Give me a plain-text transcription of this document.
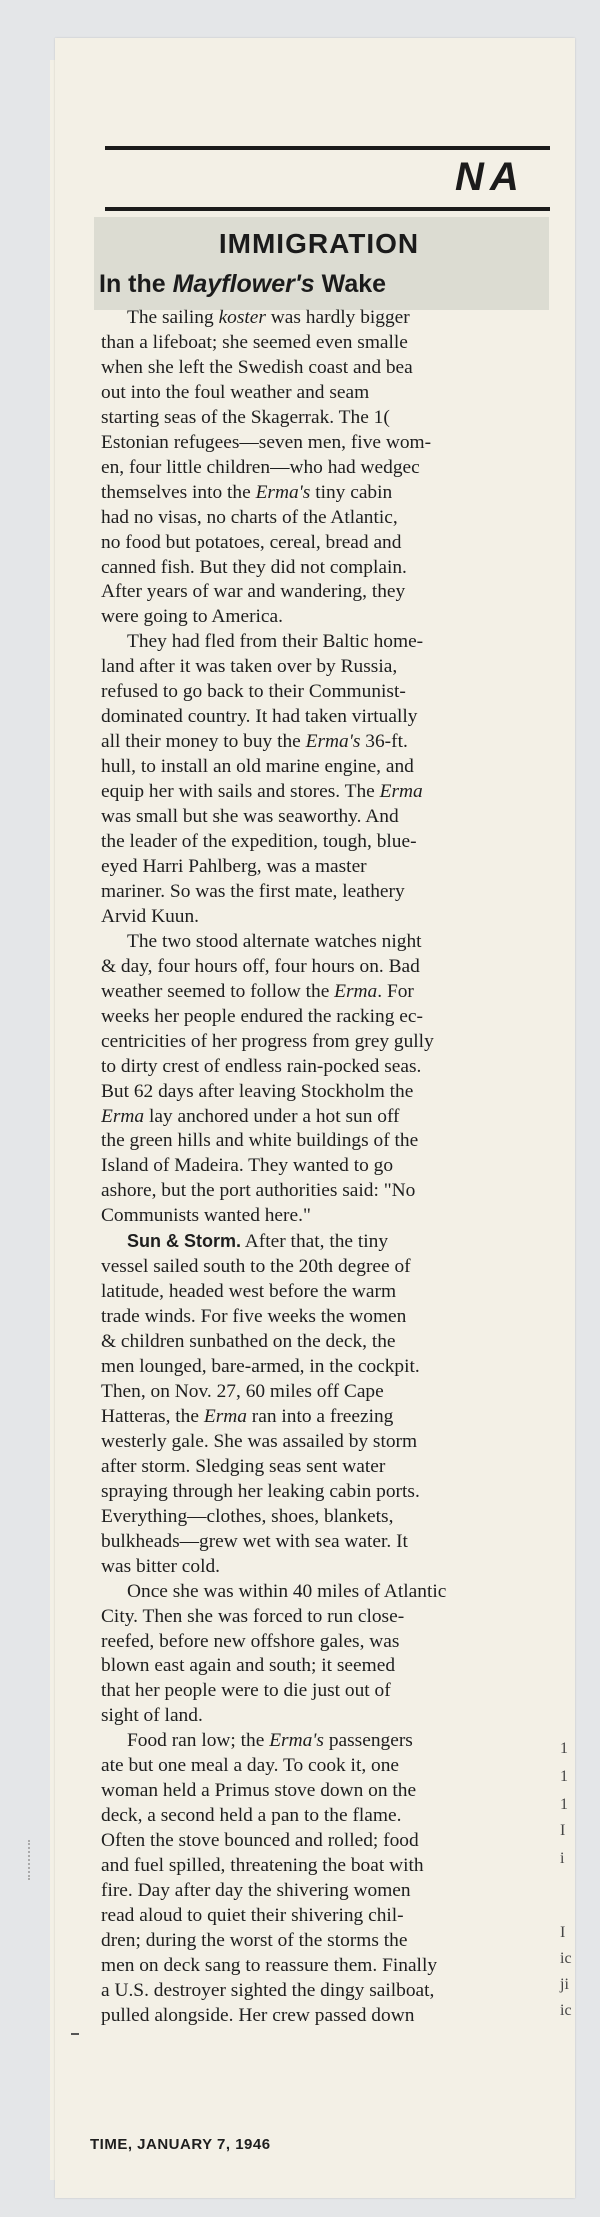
NA
IMMIGRATION
In the Mayflower's Wake

The sailing koster was hardly bigger
than a lifeboat; she seemed even smalle
when she left the Swedish coast and bea
out into the foul weather and seam
starting seas of the Skagerrak. The 1(
Estonian refugees—seven men, five wom-
en, four little children—who had wedgec
themselves into the Erma's tiny cabin
had no visas, no charts of the Atlantic,
no food but potatoes, cereal, bread and
canned fish. But they did not complain.
After years of war and wandering, they
were going to America.

They had fled from their Baltic home-
land after it was taken over by Russia,
refused to go back to their Communist-
dominated country. It had taken virtually
all their money to buy the Erma's 36-ft.
hull, to install an old marine engine, and
equip her with sails and stores. The Erma
was small but she was seaworthy. And
the leader of the expedition, tough, blue-
eyed Harri Pahlberg, was a master
mariner. So was the first mate, leathery
Arvid Kuun.

The two stood alternate watches night
& day, four hours off, four hours on. Bad
weather seemed to follow the Erma. For
weeks her people endured the racking ec-
centricities of her progress from grey gully
to dirty crest of endless rain-pocked seas.
But 62 days after leaving Stockholm the
Erma lay anchored under a hot sun off
the green hills and white buildings of the
Island of Madeira. They wanted to go
ashore, but the port authorities said: "No
Communists wanted here."

Sun & Storm. After that, the tiny
vessel sailed south to the 20th degree of
latitude, headed west before the warm
trade winds. For five weeks the women
& children sunbathed on the deck, the
men lounged, bare-armed, in the cockpit.
Then, on Nov. 27, 60 miles off Cape
Hatteras, the Erma ran into a freezing
westerly gale. She was assailed by storm
after storm. Sledging seas sent water
spraying through her leaking cabin ports.
Everything—clothes, shoes, blankets,
bulkheads—grew wet with sea water. It
was bitter cold.

Once she was within 40 miles of Atlantic
City. Then she was forced to run close-
reefed, before new offshore gales, was
blown east again and south; it seemed
that her people were to die just out of
sight of land.

Food ran low; the Erma's passengers
ate but one meal a day. To cook it, one
woman held a Primus stove down on the
deck, a second held a pan to the flame.
Often the stove bounced and rolled; food
and fuel spilled, threatening the boat with
fire. Day after day the shivering women
read aloud to quiet their shivering chil-
dren; during the worst of the storms the
men on deck sang to reassure them. Finally
a U.S. destroyer sighted the dingy sailboat,
pulled alongside. Her crew passed down

TIME, JANUARY 7, 1946
1
1
1
I
i
I
ic
ji
ic
